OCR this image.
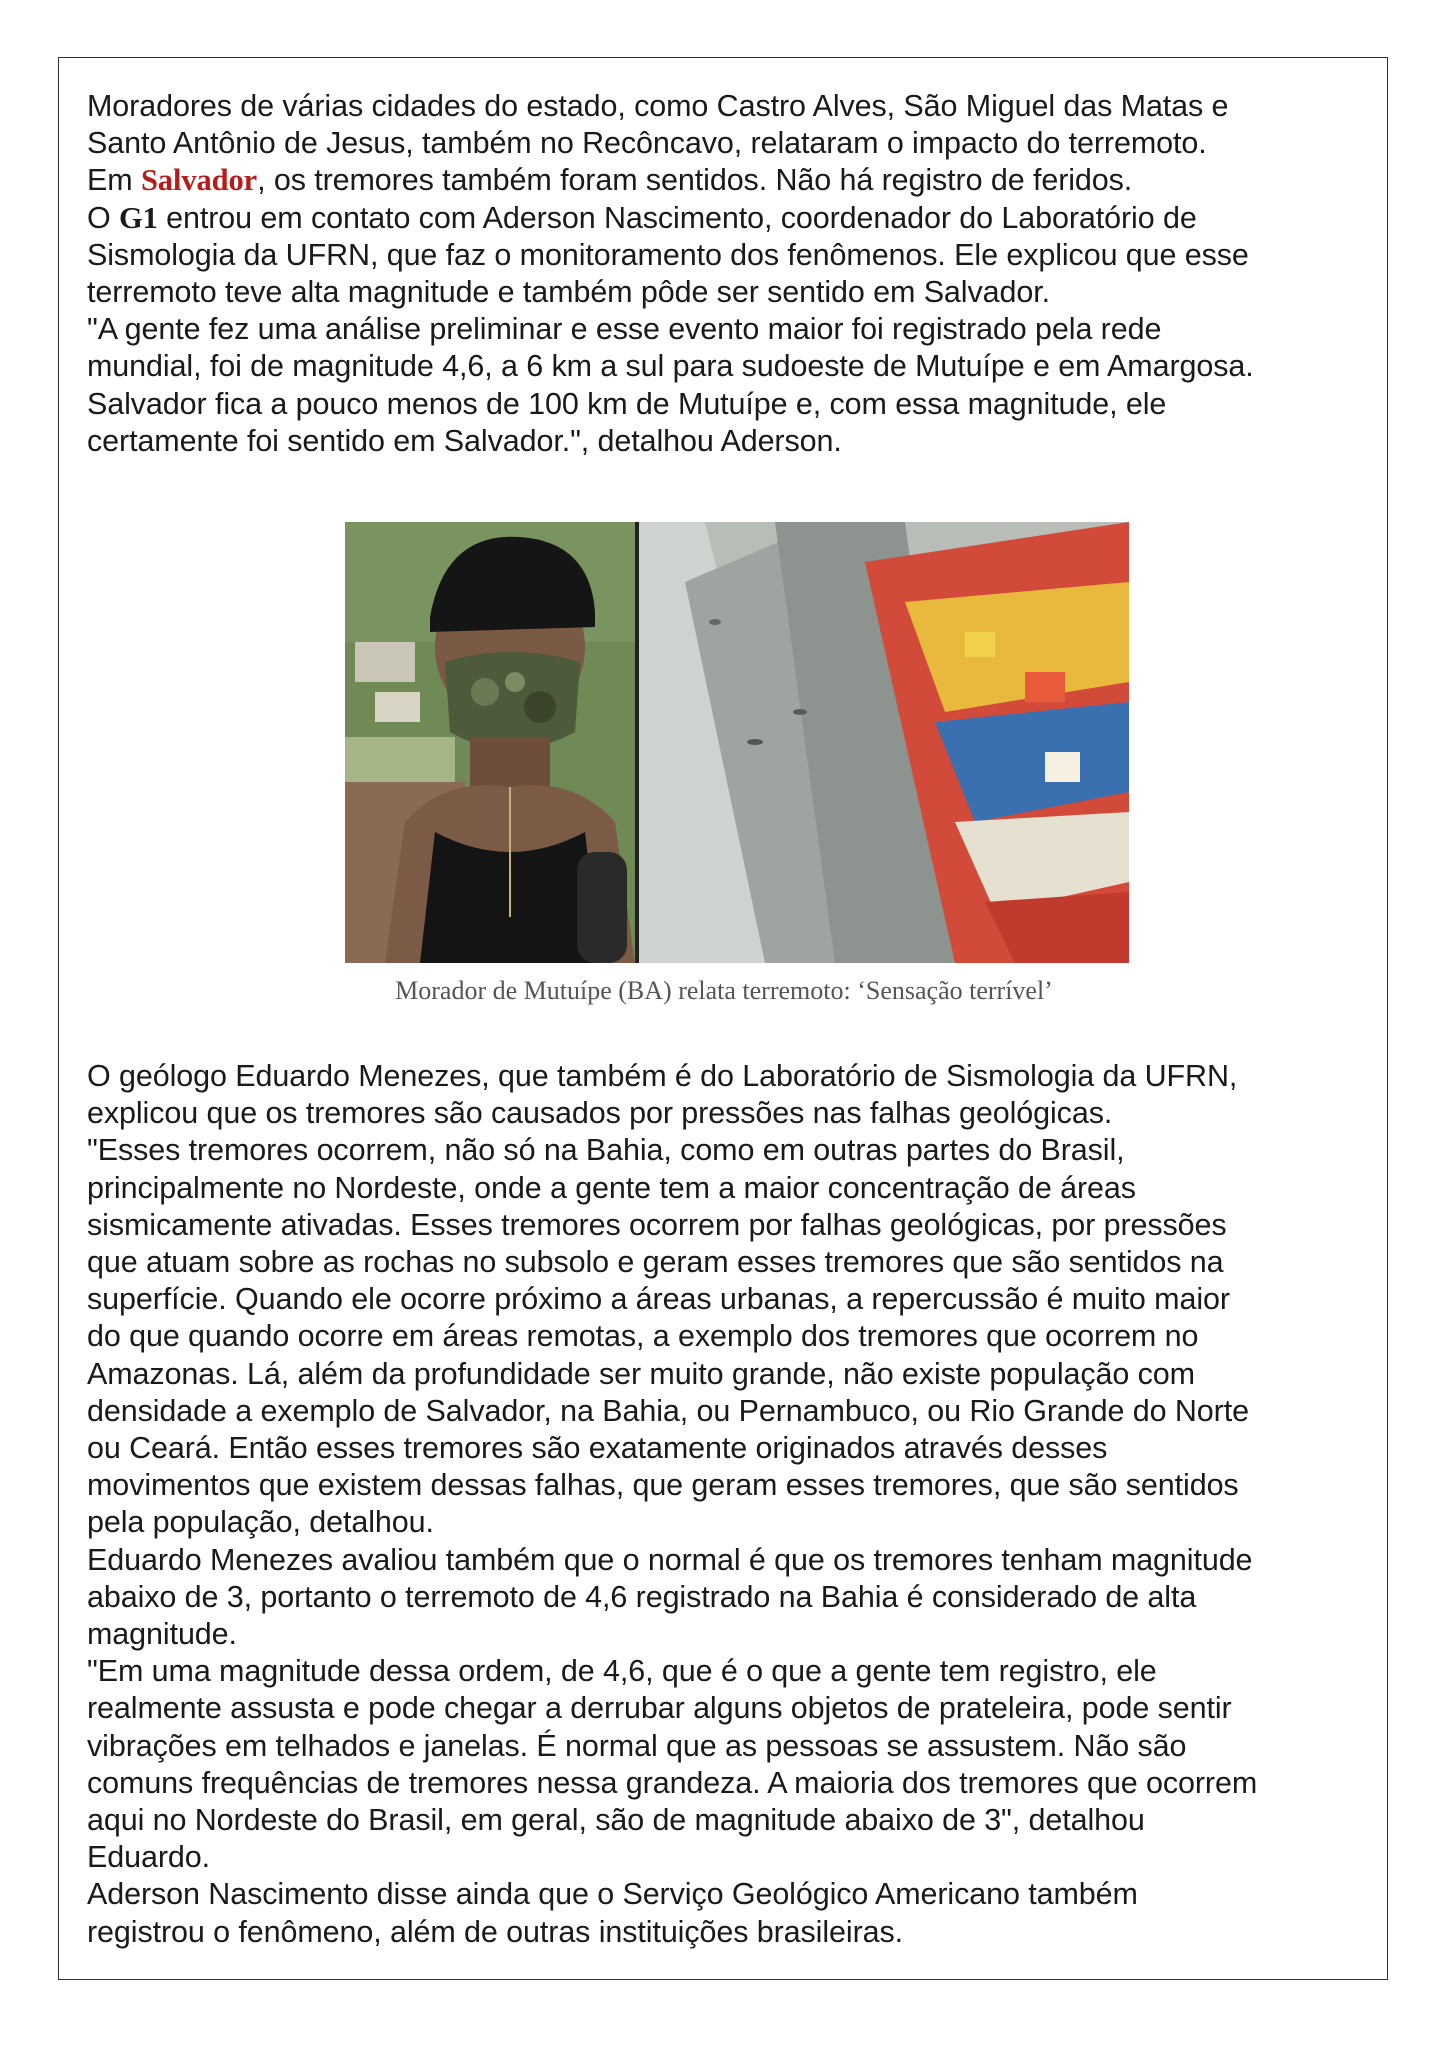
Moradores de várias cidades do estado, como Castro Alves, São Miguel das Matas e
Santo Antônio de Jesus, também no Recôncavo, relataram o impacto do terremoto.
Em Salvador, os tremores também foram sentidos. Não há registro de feridos.
O G1 entrou em contato com Aderson Nascimento, coordenador do Laboratório de
Sismologia da UFRN, que faz o monitoramento dos fenômenos. Ele explicou que esse
terremoto teve alta magnitude e também pôde ser sentido em Salvador.
"A gente fez uma análise preliminar e esse evento maior foi registrado pela rede
mundial, foi de magnitude 4,6, a 6 km a sul para sudoeste de Mutuípe e em Amargosa.
Salvador fica a pouco menos de 100 km de Mutuípe e, com essa magnitude, ele
certamente foi sentido em Salvador.", detalhou Aderson.
Morador de Mutuípe (BA) relata terremoto: ‘Sensação terrível’
O geólogo Eduardo Menezes, que também é do Laboratório de Sismologia da UFRN,
explicou que os tremores são causados por pressões nas falhas geológicas.
"Esses tremores ocorrem, não só na Bahia, como em outras partes do Brasil,
principalmente no Nordeste, onde a gente tem a maior concentração de áreas
sismicamente ativadas. Esses tremores ocorrem por falhas geológicas, por pressões
que atuam sobre as rochas no subsolo e geram esses tremores que são sentidos na
superfície. Quando ele ocorre próximo a áreas urbanas, a repercussão é muito maior
do que quando ocorre em áreas remotas, a exemplo dos tremores que ocorrem no
Amazonas. Lá, além da profundidade ser muito grande, não existe população com
densidade a exemplo de Salvador, na Bahia, ou Pernambuco, ou Rio Grande do Norte
ou Ceará. Então esses tremores são exatamente originados através desses
movimentos que existem dessas falhas, que geram esses tremores, que são sentidos
pela população, detalhou.
Eduardo Menezes avaliou também que o normal é que os tremores tenham magnitude
abaixo de 3, portanto o terremoto de 4,6 registrado na Bahia é considerado de alta
magnitude.
"Em uma magnitude dessa ordem, de 4,6, que é o que a gente tem registro, ele
realmente assusta e pode chegar a derrubar alguns objetos de prateleira, pode sentir
vibrações em telhados e janelas. É normal que as pessoas se assustem. Não são
comuns frequências de tremores nessa grandeza. A maioria dos tremores que ocorrem
aqui no Nordeste do Brasil, em geral, são de magnitude abaixo de 3", detalhou
Eduardo.
Aderson Nascimento disse ainda que o Serviço Geológico Americano também
registrou o fenômeno, além de outras instituições brasileiras.
